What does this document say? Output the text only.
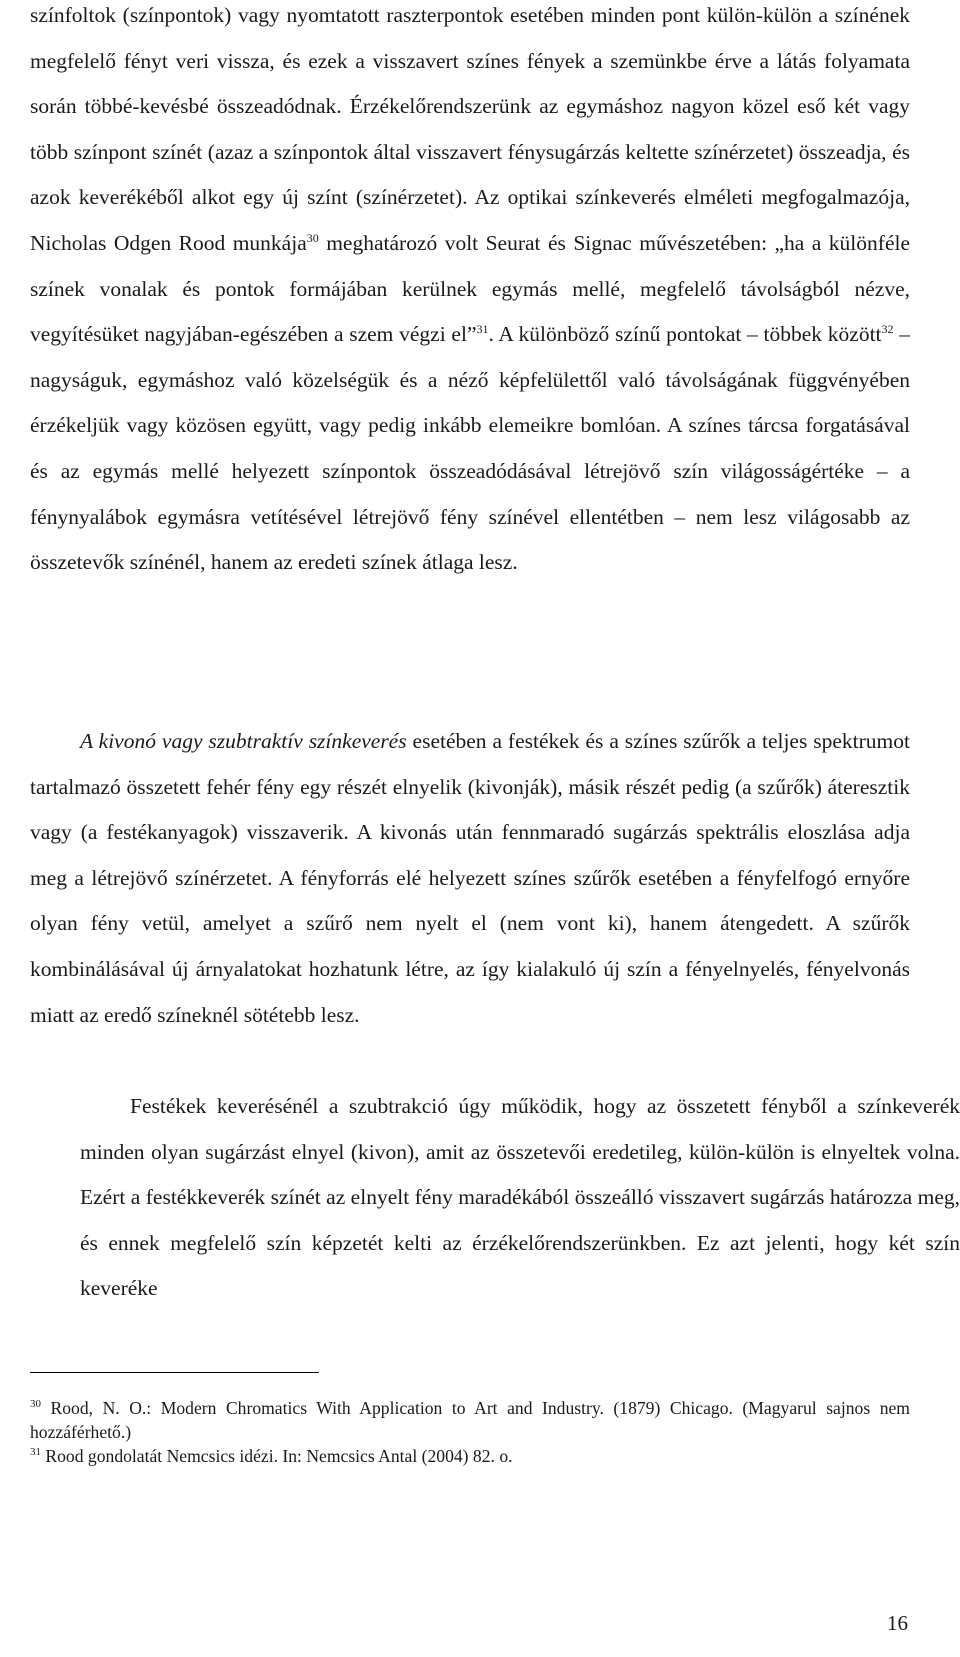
színfoltok (színpontok) vagy nyomtatott raszterpontok esetében minden pont külön-külön a színének megfelelő fényt veri vissza, és ezek a visszavert színes fények a szemünkbe érve a látás folyamata során többé-kevésbé összeadódnak. Érzékelőrendszerünk az egymáshoz nagyon közel eső két vagy több színpont színét (azaz a színpontok által visszavert fénysugárzás keltette színérzetet) összeadja, és azok keverékéből alkot egy új színt (színérzetet). Az optikai színkeverés elméleti megfogalmazója, Nicholas Odgen Rood munkája$^{30}$ meghatározó volt Seurat és Signac művészetében: „ha a különféle színek vonalak és pontok formájában kerülnek egymás mellé, megfelelő távolságból nézve, vegyítésüket nagyjában-egészében a szem végzi el”$^{31}$. A különböző színű pontokat – többek között$^{32}$ – nagyságuk, egymáshoz való közelségük és a néző képfelülettől való távolságának függvényében érzékeljük vagy közösen együtt, vagy pedig inkább elemeikre bomlóan. A színes tárcsa forgatásával és az egymás mellé helyezett színpontok összeadódásával létrejövő szín világosságértéke – a fénynyalábok egymásra vetítésével létrejövő fény színével ellentétben – nem lesz világosabb az összetevők színénél, hanem az eredeti színek átlaga lesz.

A kivonó vagy szubtraktív színkeverés esetében a festékek és a színes szűrők a teljes spektrumot tartalmazó összetett fehér fény egy részét elnyelik (kivonják), másik részét pedig (a szűrők) áteresztik vagy (a festékanyagok) visszaverik. A kivonás után fennmaradó sugárzás spektrális eloszlása adja meg a létrejövő színérzetet. A fényforrás elé helyezett színes szűrők esetében a fényfelfogó ernyőre olyan fény vetül, amelyet a szűrő nem nyelt el (nem vont ki), hanem átengedett. A szűrők kombinálásával új árnyalatokat hozhatunk létre, az így kialakuló új szín a fényelnyelés, fényelvonás miatt az eredő színeknél sötétebb lesz.

Festékek keverésénél a szubtrakció úgy működik, hogy az összetett fényből a színkeverék minden olyan sugárzást elnyel (kivon), amit az összetevői eredetileg, külön-külön is elnyeltek volna. Ezért a festékkeverék színét az elnyelt fény maradékából összeálló visszavert sugárzás határozza meg, és ennek megfelelő szín képzetét kelti az érzékelőrendszerünkben. Ez azt jelenti, hogy két szín keveréke

$^{30}$ Rood, N. O.: Modern Chromatics With Application to Art and Industry. (1879) Chicago. (Magyarul sajnos nem hozzáférhető.)

$^{31}$ Rood gondolatát Nemcsics idézi. In: Nemcsics Antal (2004) 82. o.

16
